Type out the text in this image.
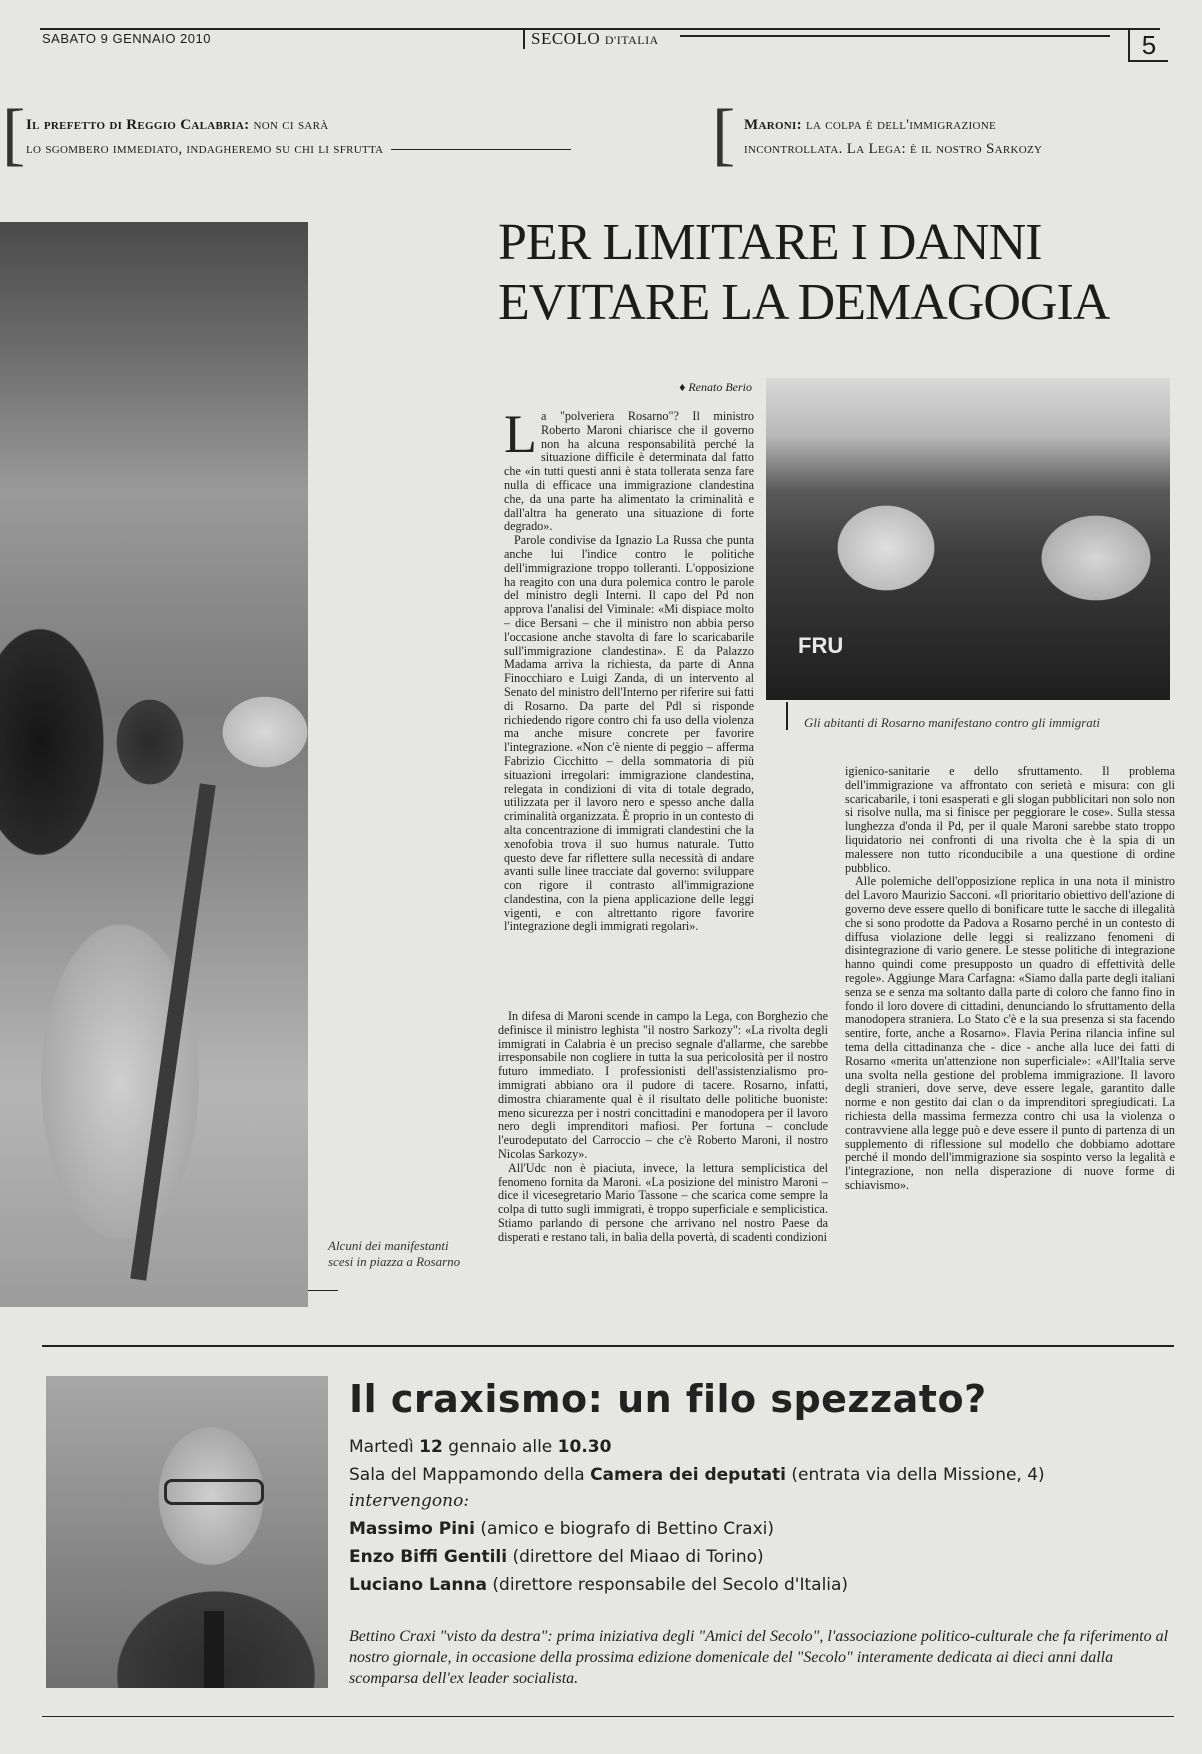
SABATO 9 GENNAIO 2010	SECOLO D'ITALIA	5
[ Il prefetto di Reggio Calabria: non ci sarà
lo sgombero immediato, indagheremo su chi li sfrutta	[ Maroni: la colpa è dell'immigrazione
incontrollata. La Lega: è il nostro Sarkozy
PER LIMITARE I DANNI
EVITARE LA DEMAGOGIA
Alcuni dei manifestanti
scesi in piazza a Rosarno
♦ Renato Berio
FRU
Gli abitanti di Rosarno manifestano contro gli immigrati

La "polveriera Rosarno"? Il ministro Roberto Maroni chiarisce che il governo non ha alcuna responsabilità perché la situazione difficile è determinata dal fatto che «in tutti questi anni è stata tollerata senza fare nulla di efficace una immigrazione clandestina che, da una parte ha alimentato la criminalità e dall'altra ha generato una situazione di forte degrado».

Parole condivise da Ignazio La Russa che punta anche lui l'indice contro le politiche dell'immigrazione troppo tolleranti. L'opposizione ha reagito con una dura polemica contro le parole del ministro degli Interni. Il capo del Pd non approva l'analisi del Viminale: «Mi dispiace molto – dice Bersani – che il ministro non abbia perso l'occasione anche stavolta di fare lo scaricabarile sull'immigrazione clandestina». E da Palazzo Madama arriva la richiesta, da parte di Anna Finocchiaro e Luigi Zanda, di un intervento al Senato del ministro dell'Interno per riferire sui fatti di Rosarno. Da parte del Pdl si risponde richiedendo rigore contro chi fa uso della violenza ma anche misure concrete per favorire l'integrazione. «Non c'è niente di peggio – afferma Fabrizio Cicchitto – della sommatoria di più situazioni irregolari: immigrazione clandestina, relegata in condizioni di vita di totale degrado, utilizzata per il lavoro nero e spesso anche dalla criminalità organizzata. È proprio in un contesto di alta concentrazione di immigrati clandestini che la xenofobia trova il suo humus naturale. Tutto questo deve far riflettere sulla necessità di andare avanti sulle linee tracciate dal governo: sviluppare con rigore il contrasto all'immigrazione clandestina, con la piena applicazione delle leggi vigenti, e con altrettanto rigore favorire l'integrazione degli immigrati regolari».

In difesa di Maroni scende in campo la Lega, con Borghezio che definisce il ministro leghista "il nostro Sarkozy": «La rivolta degli immigrati in Calabria è un preciso segnale d'allarme, che sarebbe irresponsabile non cogliere in tutta la sua pericolosità per il nostro futuro immediato. I professionisti dell'assistenzialismo pro-immigrati abbiano ora il pudore di tacere. Rosarno, infatti, dimostra chiaramente qual è il risultato delle politiche buoniste: meno sicurezza per i nostri concittadini e manodopera per il lavoro nero degli imprenditori mafiosi. Per fortuna – conclude l'eurodeputato del Carroccio – che c'è Roberto Maroni, il nostro Nicolas Sarkozy».

All'Udc non è piaciuta, invece, la lettura semplicistica del fenomeno fornita da Maroni. «La posizione del ministro Maroni – dice il vicesegretario Mario Tassone – che scarica come sempre la colpa di tutto sugli immigrati, è troppo superficiale e semplicistica. Stiamo parlando di persone che arrivano nel nostro Paese da disperati e restano tali, in balìa della povertà, di scadenti condizioni

igienico-sanitarie e dello sfruttamento. Il problema dell'immigrazione va affrontato con serietà e misura: con gli scaricabarile, i toni esasperati e gli slogan pubblicitari non solo non si risolve nulla, ma si finisce per peggiorare le cose». Sulla stessa lunghezza d'onda il Pd, per il quale Maroni sarebbe stato troppo liquidatorio nei confronti di una rivolta che è la spia di un malessere non tutto riconducibile a una questione di ordine pubblico.

Alle polemiche dell'opposizione replica in una nota il ministro del Lavoro Maurizio Sacconi. «Il prioritario obiettivo dell'azione di governo deve essere quello di bonificare tutte le sacche di illegalità che si sono prodotte da Padova a Rosarno perché in un contesto di diffusa violazione delle leggi si realizzano fenomeni di disintegrazione di vario genere. Le stesse politiche di integrazione hanno quindi come presupposto un quadro di effettività delle regole». Aggiunge Mara Carfagna: «Siamo dalla parte degli italiani senza se e senza ma soltanto dalla parte di coloro che fanno fino in fondo il loro dovere di cittadini, denunciando lo sfruttamento della manodopera straniera. Lo Stato c'è e la sua presenza si sta facendo sentire, forte, anche a Rosarno». Flavia Perina rilancia infine sul tema della cittadinanza che - dice - anche alla luce dei fatti di Rosarno «merita un'attenzione non superficiale»: «All'Italia serve una svolta nella gestione del problema immigrazione. Il lavoro degli stranieri, dove serve, deve essere legale, garantito dalle norme e non gestito dai clan o da imprenditori spregiudicati. La richiesta della massima fermezza contro chi usa la violenza o contravviene alla legge può e deve essere il punto di partenza di un supplemento di riflessione sul modello che dobbiamo adottare perché il mondo dell'immigrazione sia sospinto verso la legalità e l'integrazione, non nella disperazione di nuove forme di schiavismo».

Il craxismo: un filo spezzato?
Martedì 12 gennaio alle 10.30
Sala del Mappamondo della Camera dei deputati (entrata via della Missione, 4)
intervengono:
Massimo Pini (amico e biografo di Bettino Craxi)
Enzo Biffi Gentili (direttore del Miaao di Torino)
Luciano Lanna (direttore responsabile del Secolo d'Italia)
Bettino Craxi "visto da destra": prima iniziativa degli "Amici del Secolo", l'associazione politico-culturale che fa riferimento al nostro giornale, in occasione della prossima edizione domenicale del "Secolo" interamente dedicata ai dieci anni dalla scomparsa dell'ex leader socialista.
